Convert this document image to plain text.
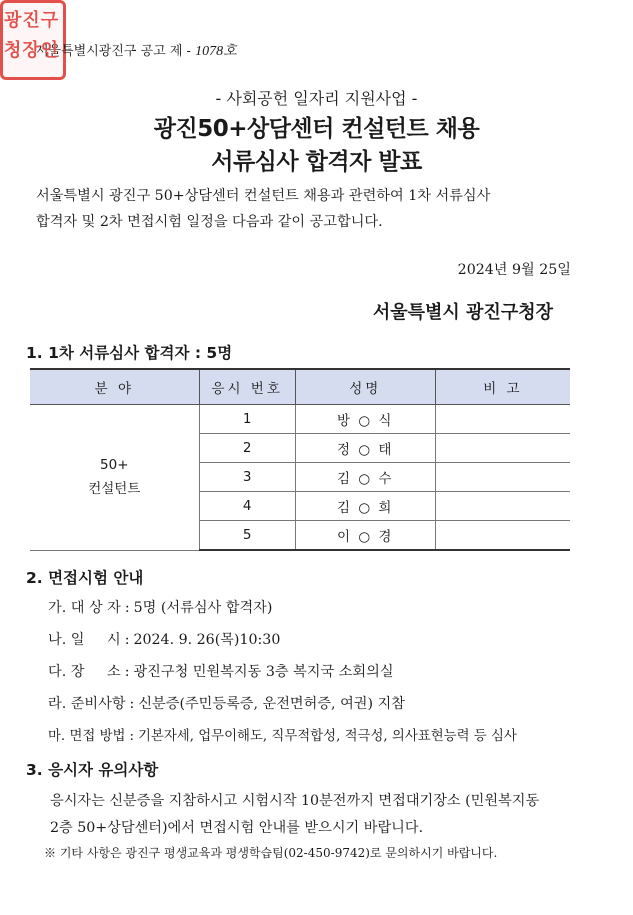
서울특별시광진구 공고 제 - 1078호
- 사회공헌 일자리 지원사업 -
광진50+상담센터 컨설턴트 채용
서류심사 합격자 발표
서울특별시 광진구 50+상담센터 컨설턴트 채용과 관련하여 1차 서류심사
합격자 및 2차 면접시험 일정을 다음과 같이 공고합니다.
2024년 9월 25일
광진구
청장인
서울특별시 광진구청장
1. 1차 서류심사 합격자 : 5명
분 야	응시 번호	성명	비 고

50+
컨설턴트	1	방 ○ 식	
	2	정 ○ 태	
	3	김 ○ 수	
	4	김 ○ 희	
	5	이 ○ 경	
2. 면접시험 안내
가. 대 상 자 : 5명 (서류심사 합격자)
나. 일     시 : 2024. 9. 26(목)10:30
다. 장     소 : 광진구청 민원복지동 3층 복지국 소회의실
라. 준비사항 : 신분증(주민등록증, 운전면허증, 여권) 지참
마. 면접 방법 : 기본자세, 업무이해도, 직무적합성, 적극성, 의사표현능력 등 심사
3. 응시자 유의사항
응시자는 신분증을 지참하시고 시험시작 10분전까지 면접대기장소 (민원복지동
2층 50+상담센터)에서 면접시험 안내를 받으시기 바랍니다.
※ 기타 사항은 광진구 평생교육과 평생학습팀(02-450-9742)로 문의하시기 바랍니다.
